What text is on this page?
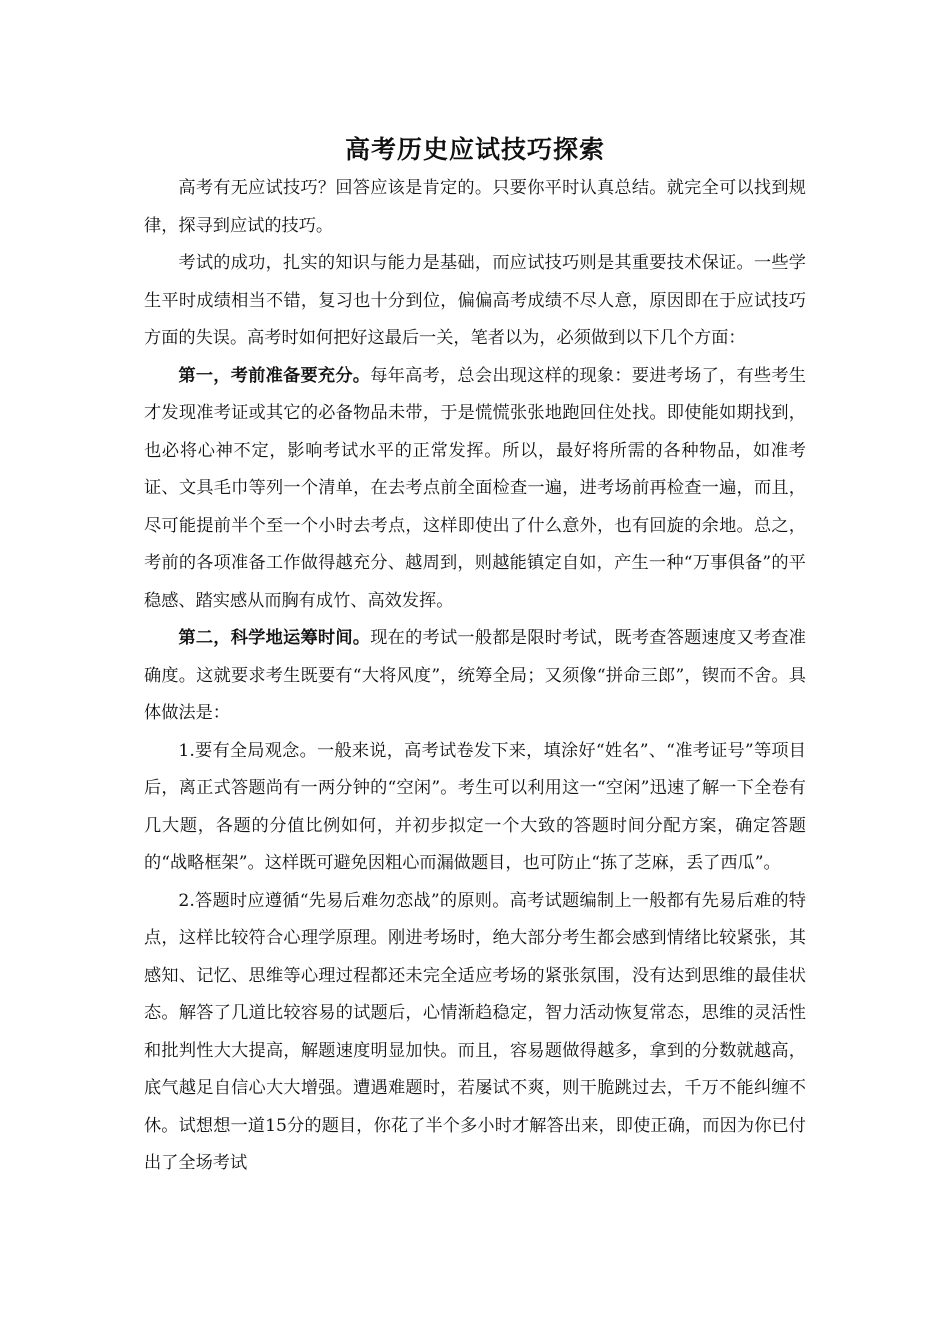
高考历史应试技巧探索

高考有无应试技巧？回答应该是肯定的。只要你平时认真总结。就完全可以找到规律，探寻到应试的技巧。

考试的成功，扎实的知识与能力是基础，而应试技巧则是其重要技术保证。一些学生平时成绩相当不错，复习也十分到位，偏偏高考成绩不尽人意，原因即在于应试技巧方面的失误。高考时如何把好这最后一关，笔者以为，必须做到以下几个方面：

第一，考前准备要充分。每年高考，总会出现这样的现象：要进考场了，有些考生才发现准考证或其它的必备物品未带，于是慌慌张张地跑回住处找。即使能如期找到，也必将心神不定，影响考试水平的正常发挥。所以，最好将所需的各种物品，如准考证、文具毛巾等列一个清单，在去考点前全面检查一遍，进考场前再检查一遍，而且，尽可能提前半个至一个小时去考点，这样即使出了什么意外，也有回旋的余地。总之，考前的各项准备工作做得越充分、越周到，则越能镇定自如，产生一种“万事俱备”的平稳感、踏实感从而胸有成竹、高效发挥。

第二，科学地运筹时间。现在的考试一般都是限时考试，既考查答题速度又考查准确度。这就要求考生既要有“大将风度”，统筹全局；又须像“拼命三郎”，锲而不舍。具体做法是：

1.要有全局观念。一般来说，高考试卷发下来，填涂好“姓名”、“准考证号”等项目后，离正式答题尚有一两分钟的“空闲”。考生可以利用这一“空闲”迅速了解一下全卷有几大题，各题的分值比例如何，并初步拟定一个大致的答题时间分配方案，确定答题的“战略框架”。这样既可避免因粗心而漏做题目，也可防止“拣了芝麻，丢了西瓜”。

2.答题时应遵循“先易后难勿恋战”的原则。高考试题编制上一般都有先易后难的特点，这样比较符合心理学原理。刚进考场时，绝大部分考生都会感到情绪比较紧张，其感知、记忆、思维等心理过程都还未完全适应考场的紧张氛围，没有达到思维的最佳状态。解答了几道比较容易的试题后，心情渐趋稳定，智力活动恢复常态，思维的灵活性和批判性大大提高，解题速度明显加快。而且，容易题做得越多，拿到的分数就越高，底气越足自信心大大增强。遭遇难题时，若屡试不爽，则干脆跳过去，千万不能纠缠不休。试想想一道15分的题目，你花了半个多小时才解答出来，即使正确，而因为你已付出了全场考试
